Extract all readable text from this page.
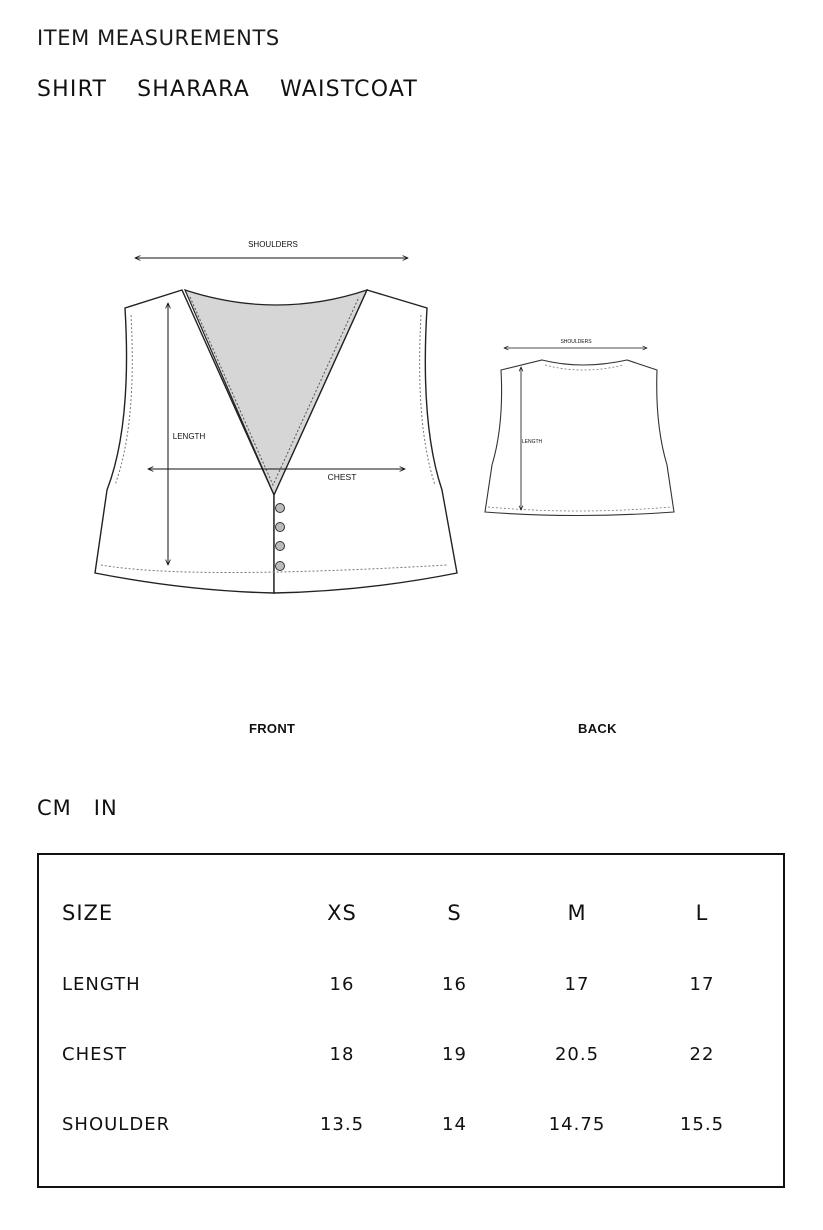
ITEM MEASUREMENTS
SHIRT SHARARA WAISTCOAT
SHOULDERS
LENGTH
CHEST
SHOULDERS
LENGTH
FRONT	BACK
CM IN
SIZE	XS	S	M	L
LENGTH	16	16	17	17
CHEST	18	19	20.5	22
SHOULDER	13.5	14	14.75	15.5
